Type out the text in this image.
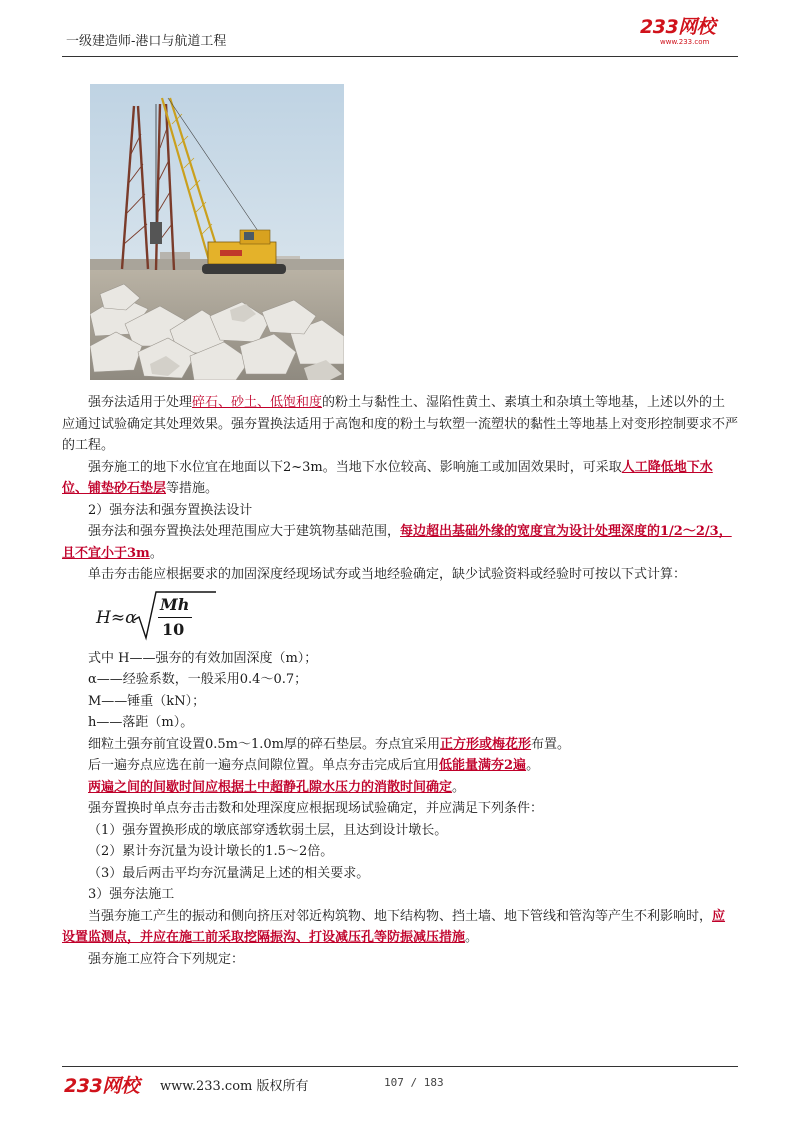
一级建造师-港口与航道工程
233网校
www.233.com

强夯法适用于处理碎石、砂土、低饱和度的粉土与黏性土、湿陷性黄土、素填土和杂填土等地基，上述以外的土应通过试验确定其处理效果。强夯置换法适用于高饱和度的粉土与软塑一流塑状的黏性土等地基上对变形控制要求不严的工程。

强夯施工的地下水位宜在地面以下2~3m。当地下水位较高、影响施工或加固效果时，可采取人工降低地下水位、铺垫砂石垫层等措施。

2）强夯法和强夯置换法设计

强夯法和强夯置换法处理范围应大于建筑物基础范围，每边超出基础外缘的宽度宜为设计处理深度的1/2～2/3，且不宜小于3m。

单击夯击能应根据要求的加固深度经现场试夯或当地经验确定，缺少试验资料或经验时可按以下式计算：

H≈α
Mh
10

式中 H——强夯的有效加固深度（m）；

α——经验系数，一般采用0.4～0.7；

M——锤重（kN）；

h——落距（m）。

细粒土强夯前宜设置0.5m～1.0m厚的碎石垫层。夯点宜采用正方形或梅花形布置。

后一遍夯点应选在前一遍夯点间隙位置。单点夯击完成后宜用低能量满夯2遍。

两遍之间的间歇时间应根据土中超静孔隙水压力的消散时间确定。

强夯置换时单点夯击击数和处理深度应根据现场试验确定，并应满足下列条件：

（1）强夯置换形成的墩底部穿透软弱土层，且达到设计墩长。

（2）累计夯沉量为设计墩长的1.5～2倍。

（3）最后两击平均夯沉量满足上述的相关要求。

3）强夯法施工

当强夯施工产生的振动和侧向挤压对邻近构筑物、地下结构物、挡土墙、地下管线和管沟等产生不利影响时，应设置监测点，并应在施工前采取挖隔振沟、打设减压孔等防振减压措施。

强夯施工应符合下列规定：

233网校 www.233.com 版权所有	107 / 183
